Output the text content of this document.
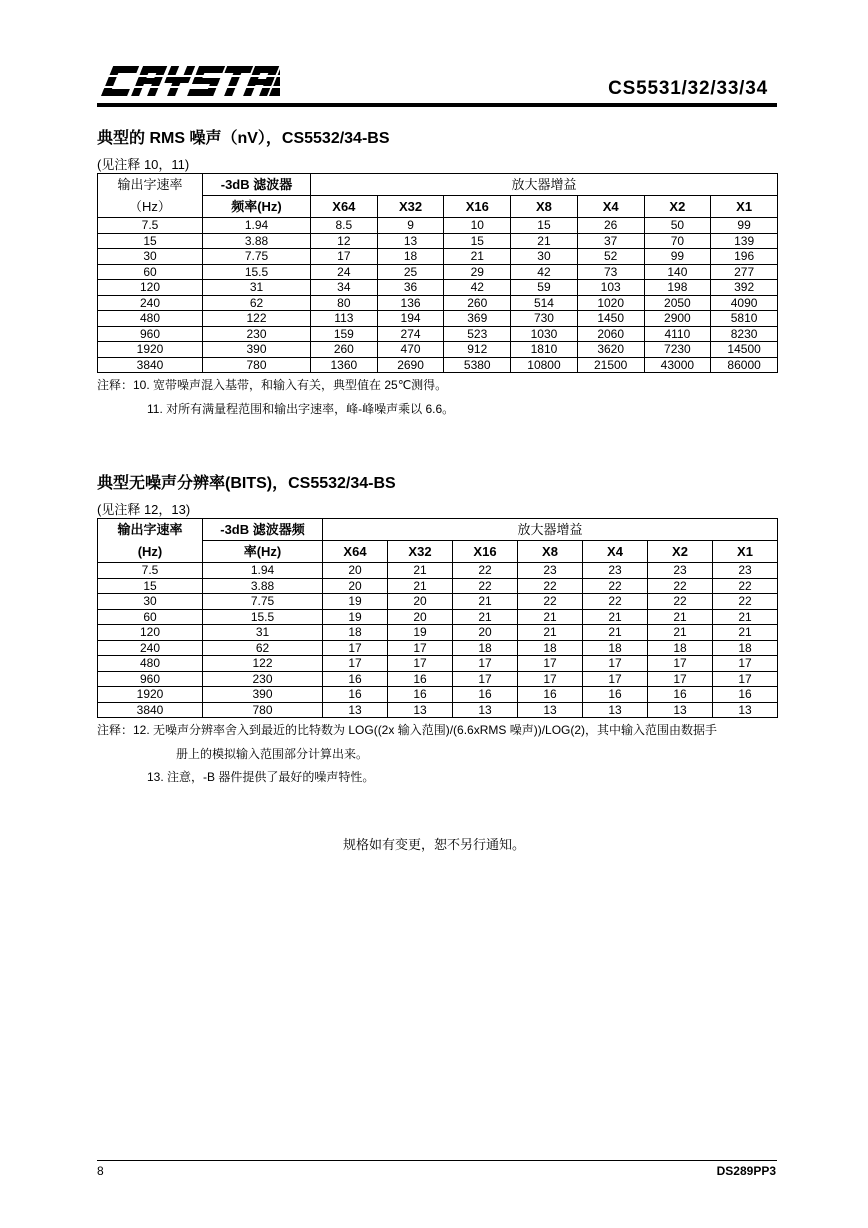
CS5531/32/33/34
典型的 RMS 噪声（nV），CS5532/34-BS
(见注释 10，11)
输出字速率	-3dB 滤波器	放大器增益						
（Hz）	频率(Hz)	X64	X32	X16	X8	X4	X2	X1
7.5	1.94	8.5	9	10	15	26	50	99
15	3.88	12	13	15	21	37	70	139
30	7.75	17	18	21	30	52	99	196
60	15.5	24	25	29	42	73	140	277
120	31	34	36	42	59	103	198	392
240	62	80	136	260	514	1020	2050	4090
480	122	113	194	369	730	1450	2900	5810
960	230	159	274	523	1030	2060	4110	8230
1920	390	260	470	912	1810	3620	7230	14500
3840	780	1360	2690	5380	10800	21500	43000	86000
注释：10. 宽带噪声混入基带，和输入有关，典型值在 25℃测得。
11. 对所有满量程范围和输出字速率，峰-峰噪声乘以 6.6。
典型无噪声分辨率(BITS)，CS5532/34-BS
(见注释 12，13)
输出字速率	-3dB 滤波器频	放大器增益						
(Hz)	率(Hz)	X64	X32	X16	X8	X4	X2	X1
7.5	1.94	20	21	22	23	23	23	23
15	3.88	20	21	22	22	22	22	22
30	7.75	19	20	21	22	22	22	22
60	15.5	19	20	21	21	21	21	21
120	31	18	19	20	21	21	21	21
240	62	17	17	18	18	18	18	18
480	122	17	17	17	17	17	17	17
960	230	16	16	17	17	17	17	17
1920	390	16	16	16	16	16	16	16
3840	780	13	13	13	13	13	13	13
注释：12. 无噪声分辨率舍入到最近的比特数为 LOG((2x 输入范围)/(6.6xRMS 噪声))/LOG(2)，其中输入范围由数据手
册上的模拟输入范围部分计算出来。
13. 注意，-B 器件提供了最好的噪声特性。
规格如有变更，恕不另行通知。
8	DS289PP3
